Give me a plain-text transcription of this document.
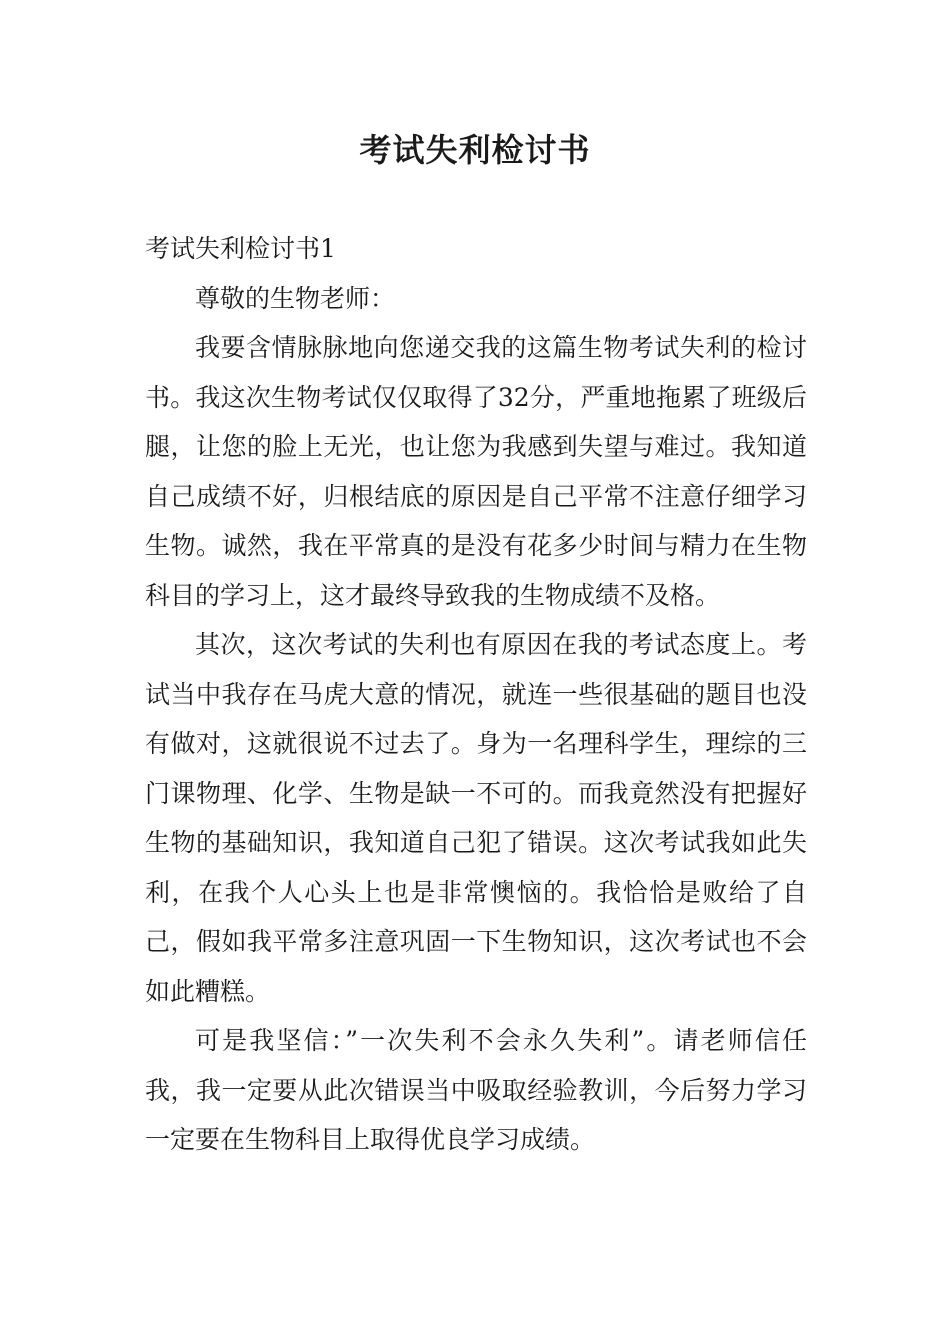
考试失利检讨书

考试失利检讨书1

尊敬的生物老师：

我要含情脉脉地向您递交我的这篇生物考试失利的检讨书。我这次生物考试仅仅取得了32分，严重地拖累了班级后腿，让您的脸上无光，也让您为我感到失望与难过。我知道自己成绩不好，归根结底的原因是自己平常不注意仔细学习生物。诚然，我在平常真的是没有花多少时间与精力在生物科目的学习上，这才最终导致我的生物成绩不及格。

其次，这次考试的失利也有原因在我的考试态度上。考试当中我存在马虎大意的情况，就连一些很基础的题目也没有做对，这就很说不过去了。身为一名理科学生，理综的三门课物理、化学、生物是缺一不可的。而我竟然没有把握好生物的基础知识，我知道自己犯了错误。这次考试我如此失利，在我个人心头上也是非常懊恼的。我恰恰是败给了自己，假如我平常多注意巩固一下生物知识，这次考试也不会如此糟糕。

可是我坚信：”一次失利不会永久失利”。请老师信任我，我一定要从此次错误当中吸取经验教训，今后努力学习一定要在生物科目上取得优良学习成绩。
